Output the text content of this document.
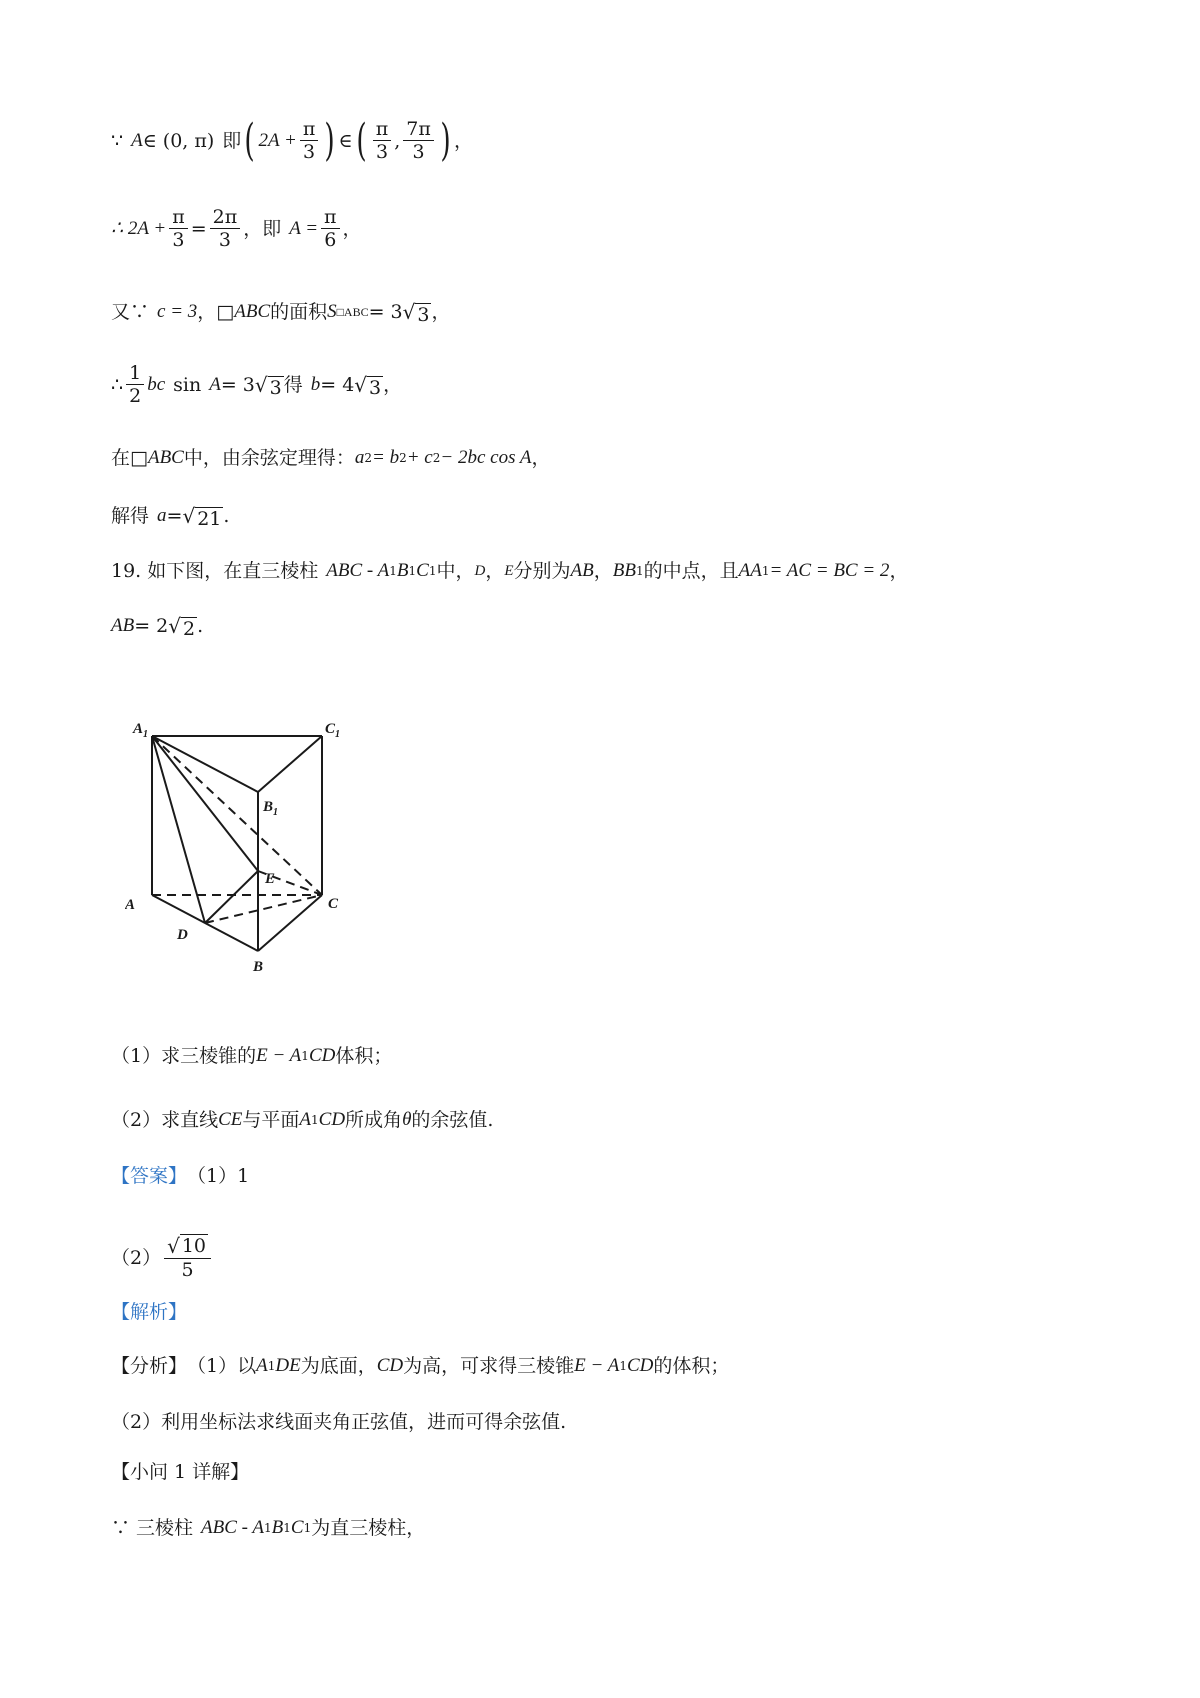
∵ A ∈ (0, π) 即 ( $2A + \frac{\pi}{3}$ ) ∈ ( $\frac{\pi}{3}$ , $\frac{7\pi}{3}$ ) ，
∴ $2A + \frac{\pi}{3} = \frac{2\pi}{3}$ ，即 $A = \frac{\pi}{6}$ ，
又∵ c = 3 ， □ ABC 的面积 S □ABC = 3 √ 3 ，
∴ $\frac{1}{2}$ bc sin A = 3 √ 3 得 b = 4 √ 3 ，
在 □ ABC 中，由余弦定理得： a 2 = b 2 + c 2 − 2bc cos A ，
解得 a = √ 21 .
19. 如下图，在直三棱柱 ABC - A 1 B 1 C 1 中， D ， E 分别为 AB ， BB 1 的中点，且 AA 1 = AC = BC = 2 ，
AB = 2 √ 2 .
$A_1$	$C_1$
$B_1$
E
A	C
D
B
（1）求三棱锥的 E − A 1 CD 体积；
（2）求直线 CE 与平面 A 1 CD 所成角 θ 的余弦值.
【答案】 （1）1
$(2) \frac{√ 10}{5}$
【解析】
【分析】 （1）以 A 1 DE 为底面， CD 为高，可求得三棱锥 E − A 1 CD 的体积；
（2）利用坐标法求线面夹角正弦值，进而可得余弦值.
【小问 1 详解】
∵ 三棱柱 ABC - A 1 B 1 C 1 为直三棱柱，
